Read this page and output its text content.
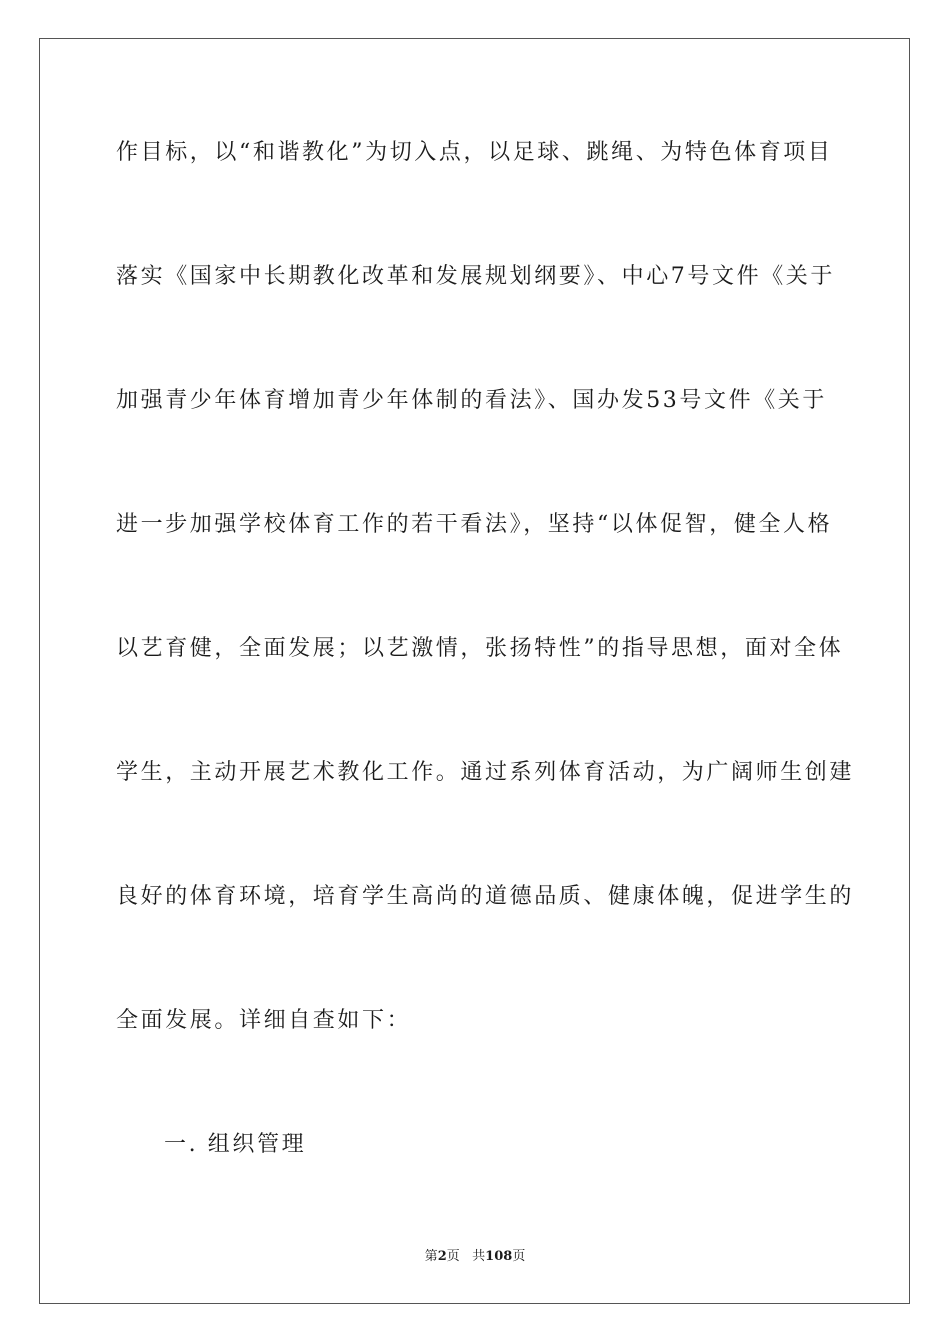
作目标，以“和谐教化”为切入点，以足球、跳绳、为特色体育项目
落实《国家中长期教化改革和发展规划纲要》、中心7号文件《关于
加强青少年体育增加青少年体制的看法》、国办发53号文件《关于
进一步加强学校体育工作的若干看法》，坚持“以体促智，健全人格
以艺育健，全面发展；以艺激情，张扬特性”的指导思想，面对全体
学生，主动开展艺术教化工作。通过系列体育活动，为广阔师生创建
良好的体育环境，培育学生高尚的道德品质、健康体魄，促进学生的
全面发展。详细自查如下：
一. 组织管理
第2页 共108页
